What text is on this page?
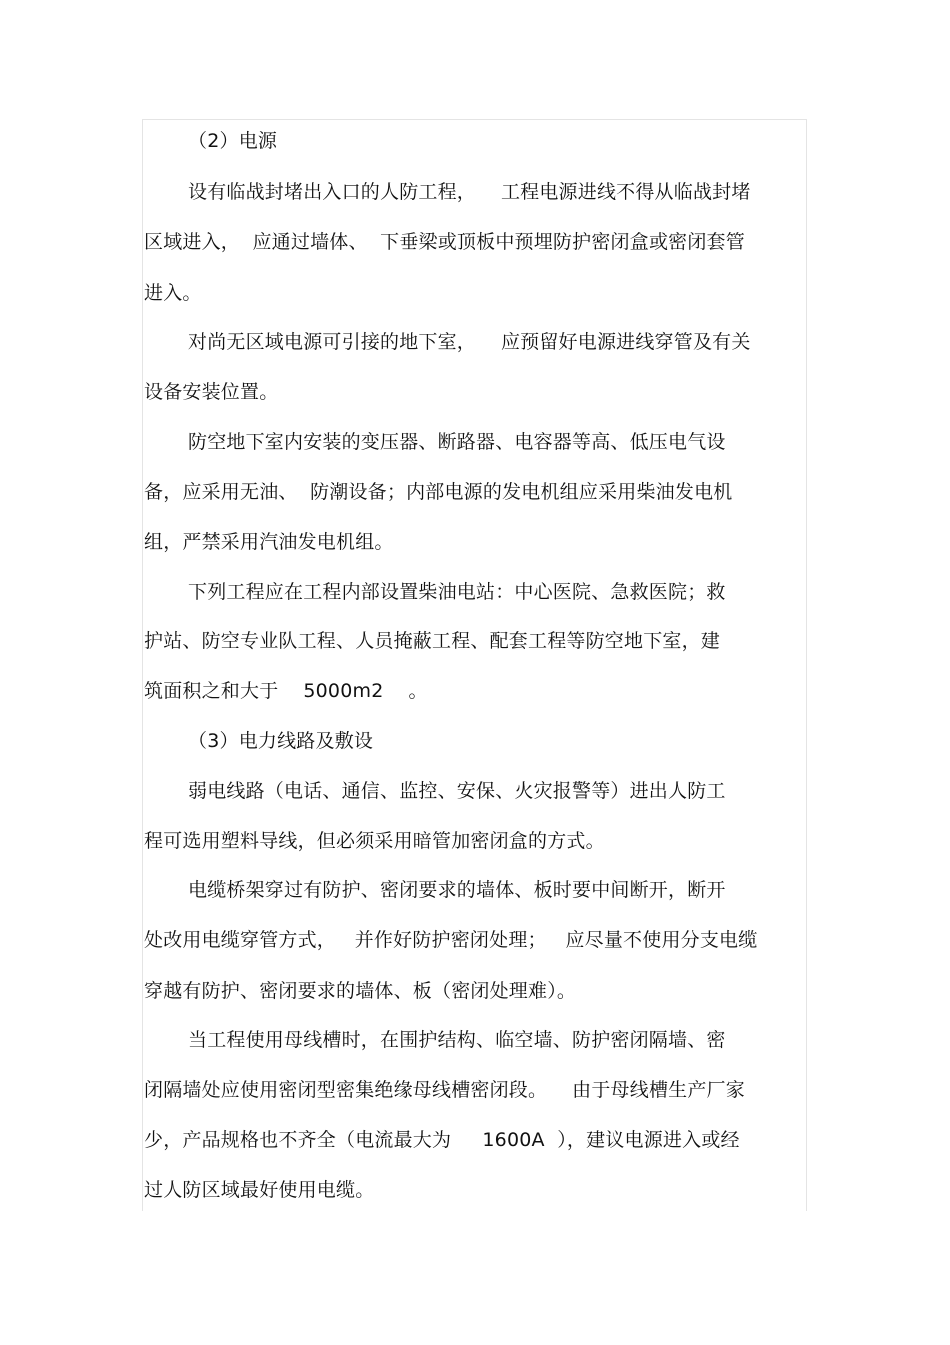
（2）电源
设有临战封堵出入口的人防工程，    工程电源进线不得从临战封堵
区域进入，  应通过墙体、  下垂梁或顶板中预埋防护密闭盒或密闭套管
进入。
对尚无区域电源可引接的地下室，    应预留好电源进线穿管及有关
设备安装位置。
防空地下室内安装的变压器、断路器、电容器等高、低压电气设
备，应采用无油、  防潮设备；内部电源的发电机组应采用柴油发电机
组，严禁采用汽油发电机组。
下列工程应在工程内部设置柴油电站：中心医院、急救医院；救
护站、防空专业队工程、人员掩蔽工程、配套工程等防空地下室，建
筑面积之和大于    5000m2    。
（3）电力线路及敷设
弱电线路（电话、通信、监控、安保、火灾报警等）进出人防工
程可选用塑料导线，但必须采用暗管加密闭盒的方式。
电缆桥架穿过有防护、密闭要求的墙体、板时要中间断开，断开
处改用电缆穿管方式，   并作好防护密闭处理；   应尽量不使用分支电缆
穿越有防护、密闭要求的墙体、板（密闭处理难）。
当工程使用母线槽时，在围护结构、临空墙、防护密闭隔墙、密
闭隔墙处应使用密闭型密集绝缘母线槽密闭段。    由于母线槽生产厂家
少，产品规格也不齐全（电流最大为     1600A  ），建议电源进入或经
过人防区域最好使用电缆。
